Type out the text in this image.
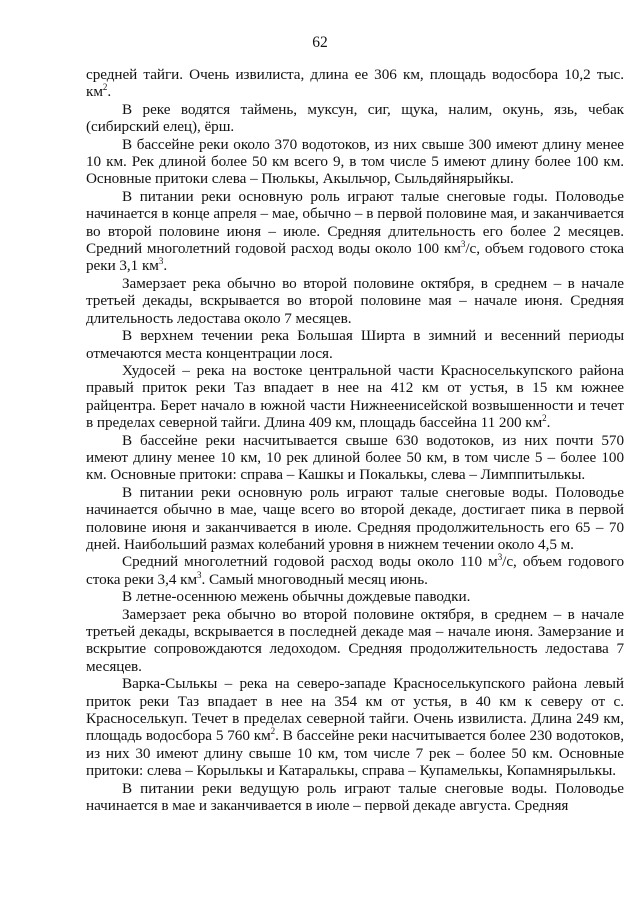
62

средней тайги. Очень извилиста, длина ее 306 км, площадь водосбора 10,2 тыс. $км^2$.

В реке водятся таймень, муксун, сиг, щука, налим, окунь, язь, чебак (сибирский елец), ёрш.

В бассейне реки около 370 водотоков, из них свыше 300 имеют длину менее 10 км. Рек длиной более 50 км всего 9, в том числе 5 имеют длину более 100 км. Основные притоки слева – Пюлькы, Акыльчор, Сыльдяйнярыйкы.

В питании реки основную роль играют талые снеговые годы. Половодье начинается в конце апреля – мае, обычно – в первой половине мая, и заканчивается во второй половине июня – июле. Средняя длительность его более 2 месяцев. Средний многолетний годовой расход воды около 100 $км^3/с$, объем годового стока реки 3,1 $км^3$.

Замерзает река обычно во второй половине октября, в среднем – в начале третьей декады, вскрывается во второй половине мая – начале июня. Средняя длительность ледостава около 7 месяцев.

В верхнем течении река Большая Ширта в зимний и весенний периоды отмечаются места концентрации лося.

Худосей – река на востоке центральной части Красноселькупского района правый приток реки Таз впадает в нее на 412 км от устья, в 15 км южнее райцентра. Берет начало в южной части Нижнеенисейской возвышенности и течет в пределах северной тайги. Длина 409 км, площадь бассейна 11 200 $км^2$.

В бассейне реки насчитывается свыше 630 водотоков, из них почти 570 имеют длину менее 10 км, 10 рек длиной более 50 км, в том числе 5 – более 100 км. Основные притоки: справа – Кашкы и Покалькы, слева – Лимппитылькы.

В питании реки основную роль играют талые снеговые воды. Половодье начинается обычно в мае, чаще всего во второй декаде, достигает пика в первой половине июня и заканчивается в июле. Средняя продолжительность его 65 – 70 дней. Наибольший размах колебаний уровня в нижнем течении около 4,5 м.

Средний многолетний годовой расход воды около 110 $м^3/с$, объем годового стока реки 3,4 $км^3$. Самый многоводный месяц июнь.

В летне-осеннюю межень обычны дождевые паводки.

Замерзает река обычно во второй половине октября, в среднем – в начале третьей декады, вскрывается в последней декаде мая – начале июня. Замерзание и вскрытие сопровождаются ледоходом. Средняя продолжительность ледостава 7 месяцев.

Варка-Сылькы – река на северо-западе Красноселькупского района левый приток реки Таз впадает в нее на 354 км от устья, в 40 км к северу от с. Красноселькуп. Течет в пределах северной тайги. Очень извилиста. Длина 249 км, площадь водосбора 5 760 $км^2$. В бассейне реки насчитывается более 230 водотоков, из них 30 имеют длину свыше 10 км, том числе 7 рек – более 50 км. Основные притоки: слева – Корылькы и Катаралькы, справа – Купамелькы, Копамнярылькы.

В питании реки ведущую роль играют талые снеговые воды. Половодье начинается в мае и заканчивается в июле – первой декаде августа. Средняя
